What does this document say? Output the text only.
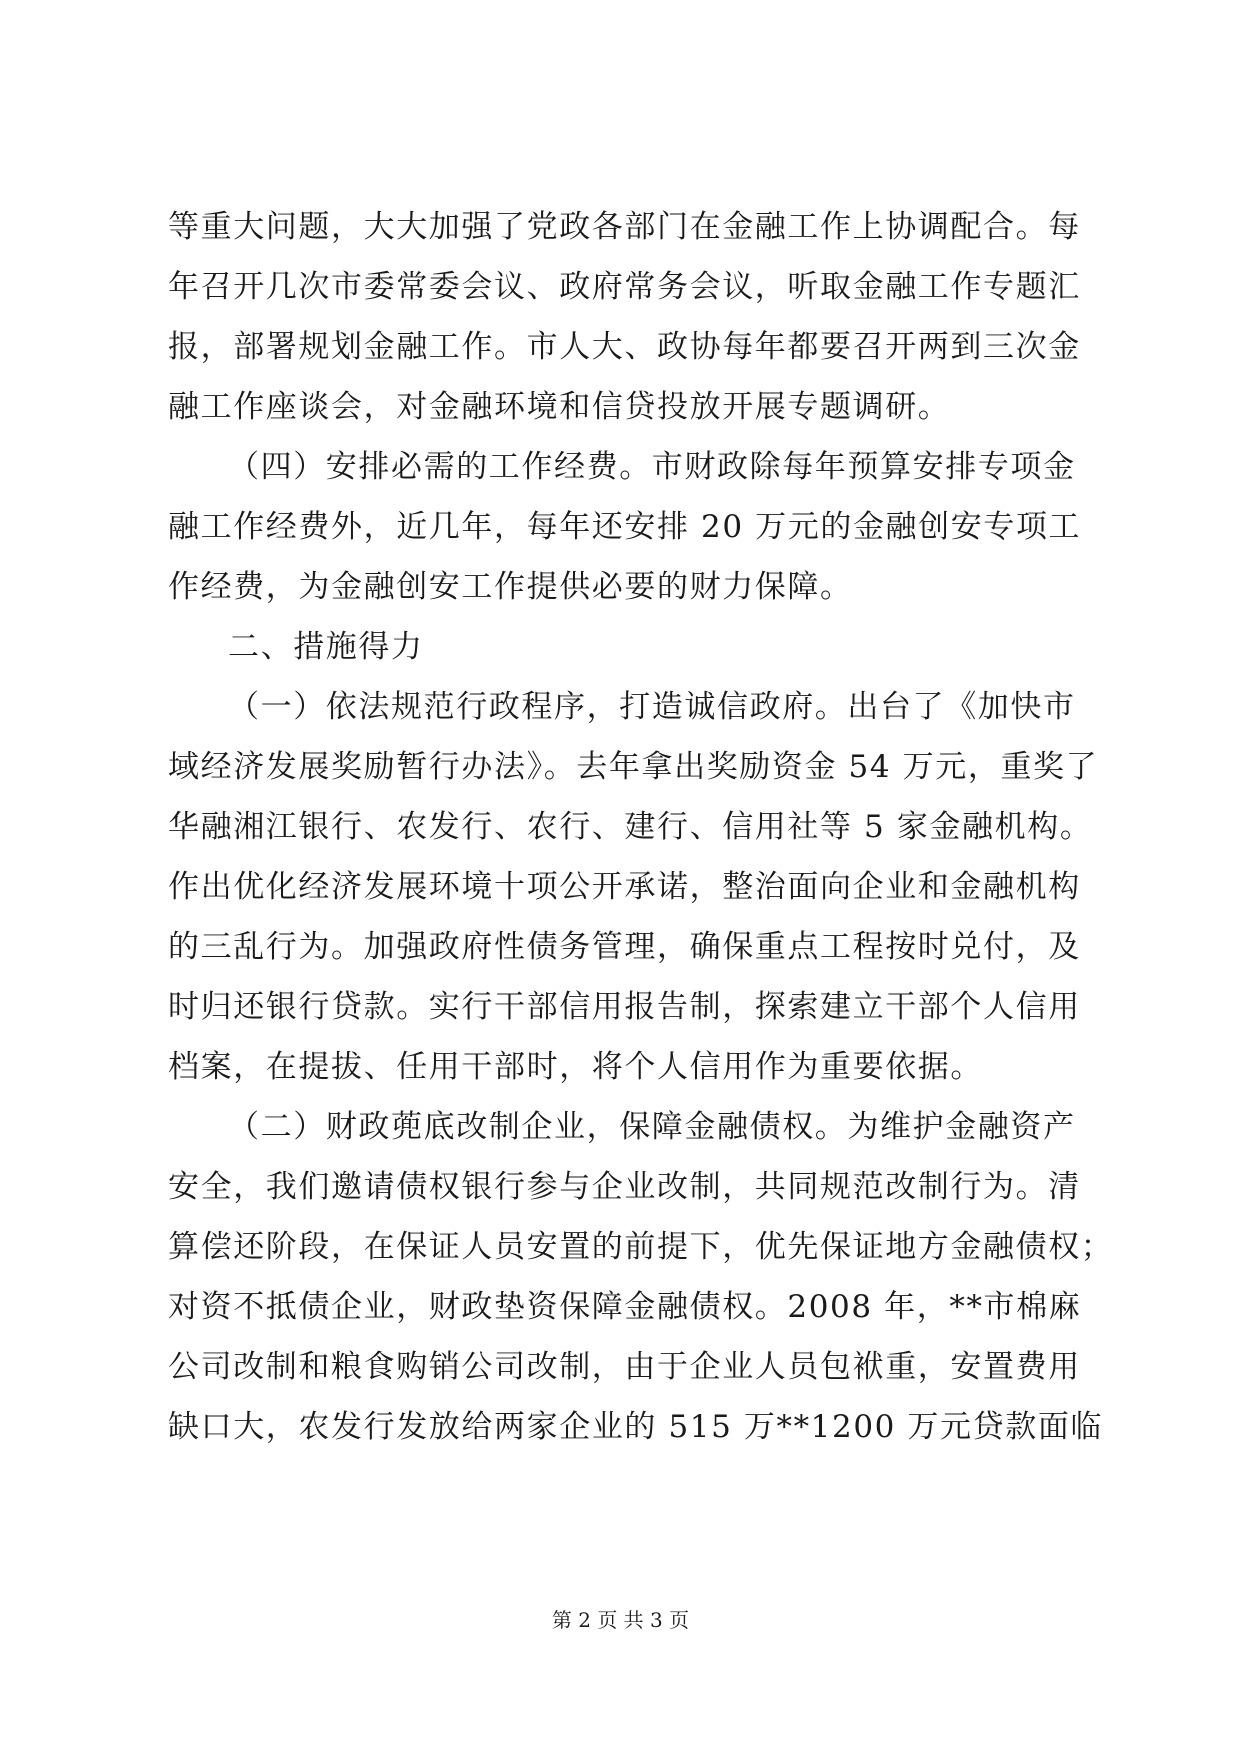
等重大问题，大大加强了党政各部门在金融工作上协调配合。每
年召开几次市委常委会议、政府常务会议，听取金融工作专题汇
报，部署规划金融工作。市人大、政协每年都要召开两到三次金
融工作座谈会，对金融环境和信贷投放开展专题调研。
（四）安排必需的工作经费。市财政除每年预算安排专项金
融工作经费外，近几年，每年还安排 20 万元的金融创安专项工
作经费，为金融创安工作提供必要的财力保障。
二、措施得力
（一）依法规范行政程序，打造诚信政府。出台了《加快市
域经济发展奖励暂行办法》。去年拿出奖励资金 54 万元，重奖了
华融湘江银行、农发行、农行、建行、信用社等 5 家金融机构。
作出优化经济发展环境十项公开承诺，整治面向企业和金融机构
的三乱行为。加强政府性债务管理，确保重点工程按时兑付，及
时归还银行贷款。实行干部信用报告制，探索建立干部个人信用
档案，在提拔、任用干部时，将个人信用作为重要依据。
（二）财政蔸底改制企业，保障金融债权。为维护金融资产
安全，我们邀请债权银行参与企业改制，共同规范改制行为。清
算偿还阶段，在保证人员安置的前提下，优先保证地方金融债权；
对资不抵债企业，财政垫资保障金融债权。2008 年，**市棉麻
公司改制和粮食购销公司改制，由于企业人员包袱重，安置费用
缺口大，农发行发放给两家企业的 515 万**1200 万元贷款面临
第 2 页 共 3 页
